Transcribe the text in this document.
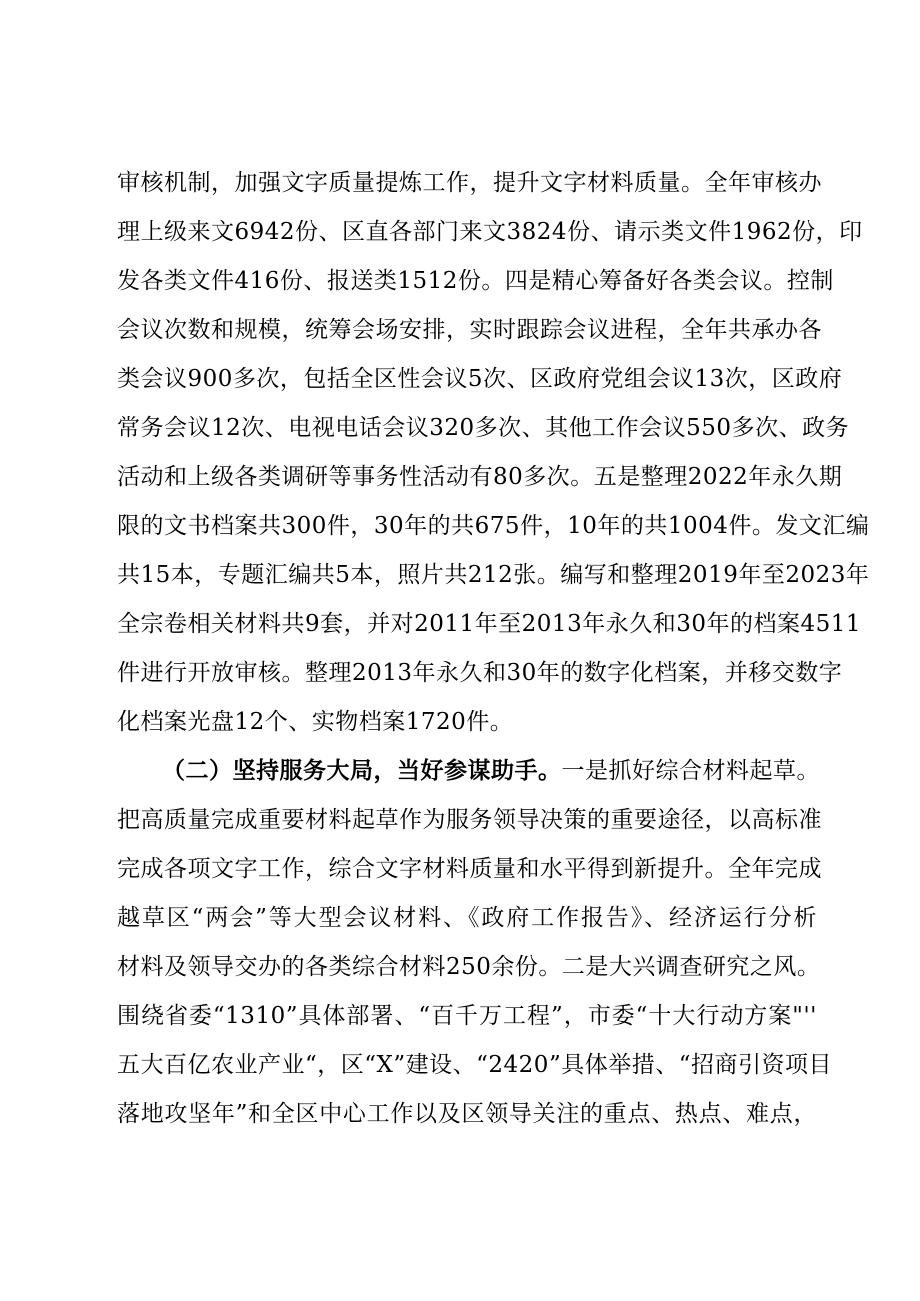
审核机制，加强文字质量提炼工作，提升文字材料质量。全年审核办
理上级来文6942份、区直各部门来文3824份、请示类文件1962份，印
发各类文件416份、报送类1512份。四是精心筹备好各类会议。控制
会议次数和规模，统筹会场安排，实时跟踪会议进程，全年共承办各
类会议900多次，包括全区性会议5次、区政府党组会议13次，区政府
常务会议12次、电视电话会议320多次、其他工作会议550多次、政务
活动和上级各类调研等事务性活动有80多次。五是整理2022年永久期
限的文书档案共300件，30年的共675件，10年的共1004件。发文汇编
共15本，专题汇编共5本，照片共212张。编写和整理2019年至2023年
全宗卷相关材料共9套，并对2011年至2013年永久和30年的档案4511
件进行开放审核。整理2013年永久和30年的数字化档案，并移交数字
化档案光盘12个、实物档案1720件。
（二）坚持服务大局，当好参谋助手。一是抓好综合材料起草。
把高质量完成重要材料起草作为服务领导决策的重要途径，以高标准
完成各项文字工作，综合文字材料质量和水平得到新提升。全年完成
越草区“两会”等大型会议材料、《政府工作报告》、经济运行分析
材料及领导交办的各类综合材料250余份。二是大兴调查研究之风。
围绕省委“1310”具体部署、“百千万工程”，市委“十大行动方案"''
五大百亿农业产业“，区“X”建设、“2420”具体举措、“招商引资项目
落地攻坚年”和全区中心工作以及区领导关注的重点、热点、难点，
